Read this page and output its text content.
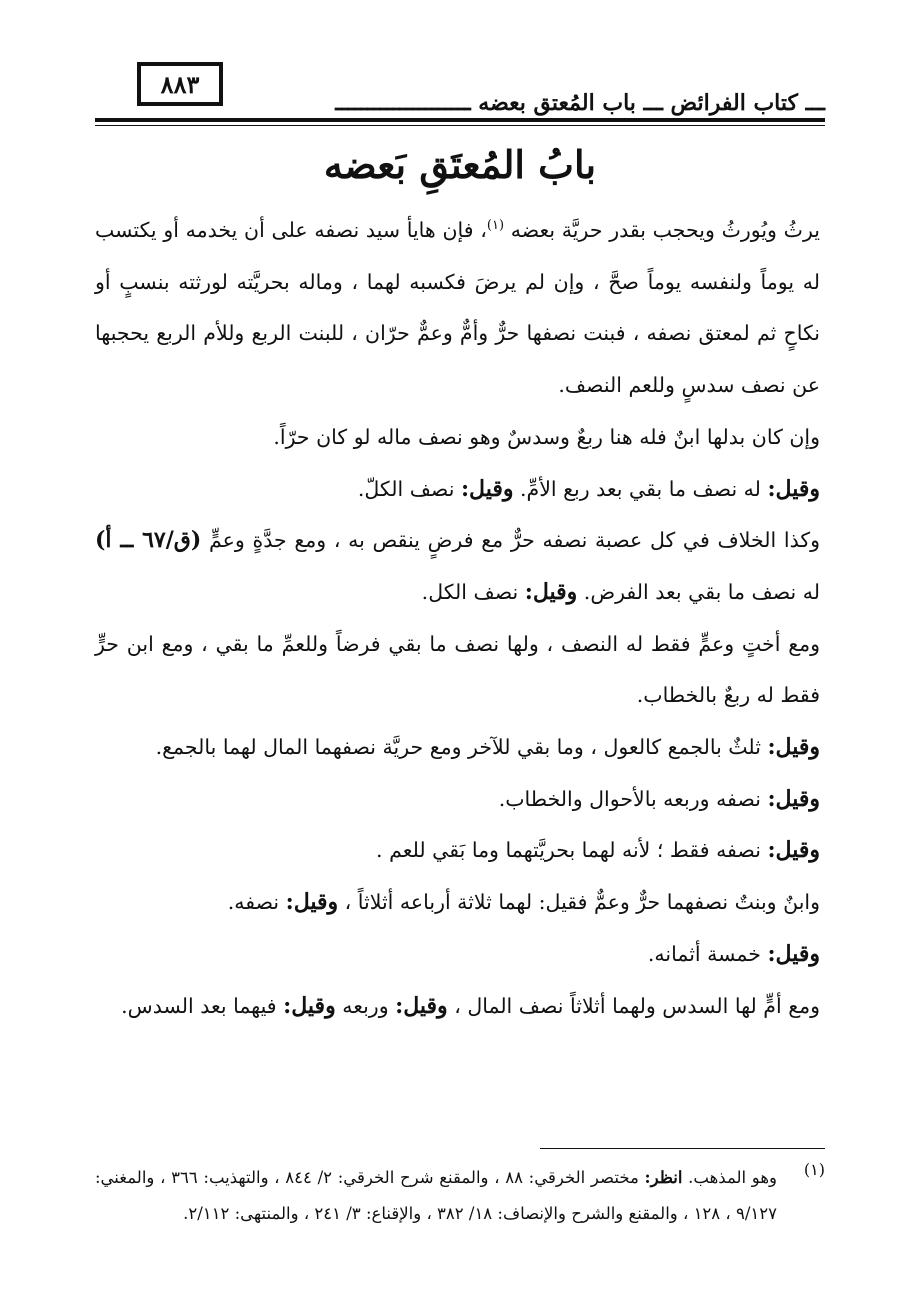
٨٨٣
ـــ كتاب الفرائض ـــ باب المُعتق بعضه ـــــــــــــــــــــ
بابُ المُعتَقِ بَعضه

يرثُ ويُورثُ ويحجب بقدر حريَّة بعضه $^{(١)}$، فإن هايأ سيد نصفه على أن يخدمه أو يكتسب له يوماً ولنفسه يوماً صحَّ ، وإن لم يرضَ فكسبه لهما ، وماله بحريَّته لورثته بنسبٍ أو نكاحٍ ثم لمعتق نصفه ، فبنت نصفها حرٌّ وأمٌّ وعمٌّ حرّان ، للبنت الربع وللأم الربع يحجبها عن نصف سدسٍ وللعم النصف.

وإن كان بدلها ابنٌ فله هنا ربعٌ وسدسٌ وهو نصف ماله لو كان حرّاً.

وقيل: له نصف ما بقي بعد ربع الأمِّ. وقيل: نصف الكلّ.

وكذا الخلاف في كل عصبة نصفه حرٌّ مع فرضٍ ينقص به ، ومع جدَّةٍ وعمٍّ (ق/٦٧ ــ أ) له نصف ما بقي بعد الفرض. وقيل: نصف الكل.

ومع أختٍ وعمٍّ فقط له النصف ، ولها نصف ما بقي فرضاً وللعمِّ ما بقي ، ومع ابن حرٍّ فقط له ربعٌ بالخطاب.

وقيل: ثلثٌ بالجمع كالعول ، وما بقي للآخر ومع حريَّة نصفهما المال لهما بالجمع.

وقيل: نصفه وربعه بالأحوال والخطاب.

وقيل: نصفه فقط ؛ لأنه لهما بحريَّتهما وما بَقي للعم .

وابنٌ وبنتٌ نصفهما حرٌّ وعمٌّ فقيل: لهما ثلاثة أرباعه أثلاثاً ، وقيل: نصفه.

وقيل: خمسة أثمانه.

ومع أمٍّ لها السدس ولهما أثلاثاً نصف المال ، وقيل: وربعه وقيل: فيهما بعد السدس.

(١)
وهو المذهب. انظر: مختصر الخرقي: ٨٨ ، والمقنع شرح الخرقي: ٢/ ٨٤٤ ، والتهذيب: ٣٦٦ ، والمغني: ٩/١٢٧ ، ١٢٨ ، والمقنع والشرح والإنصاف: ١٨/ ٣٨٢ ، والإقناع: ٣/ ٢٤١ ، والمنتهى: ٢/١١٢.
